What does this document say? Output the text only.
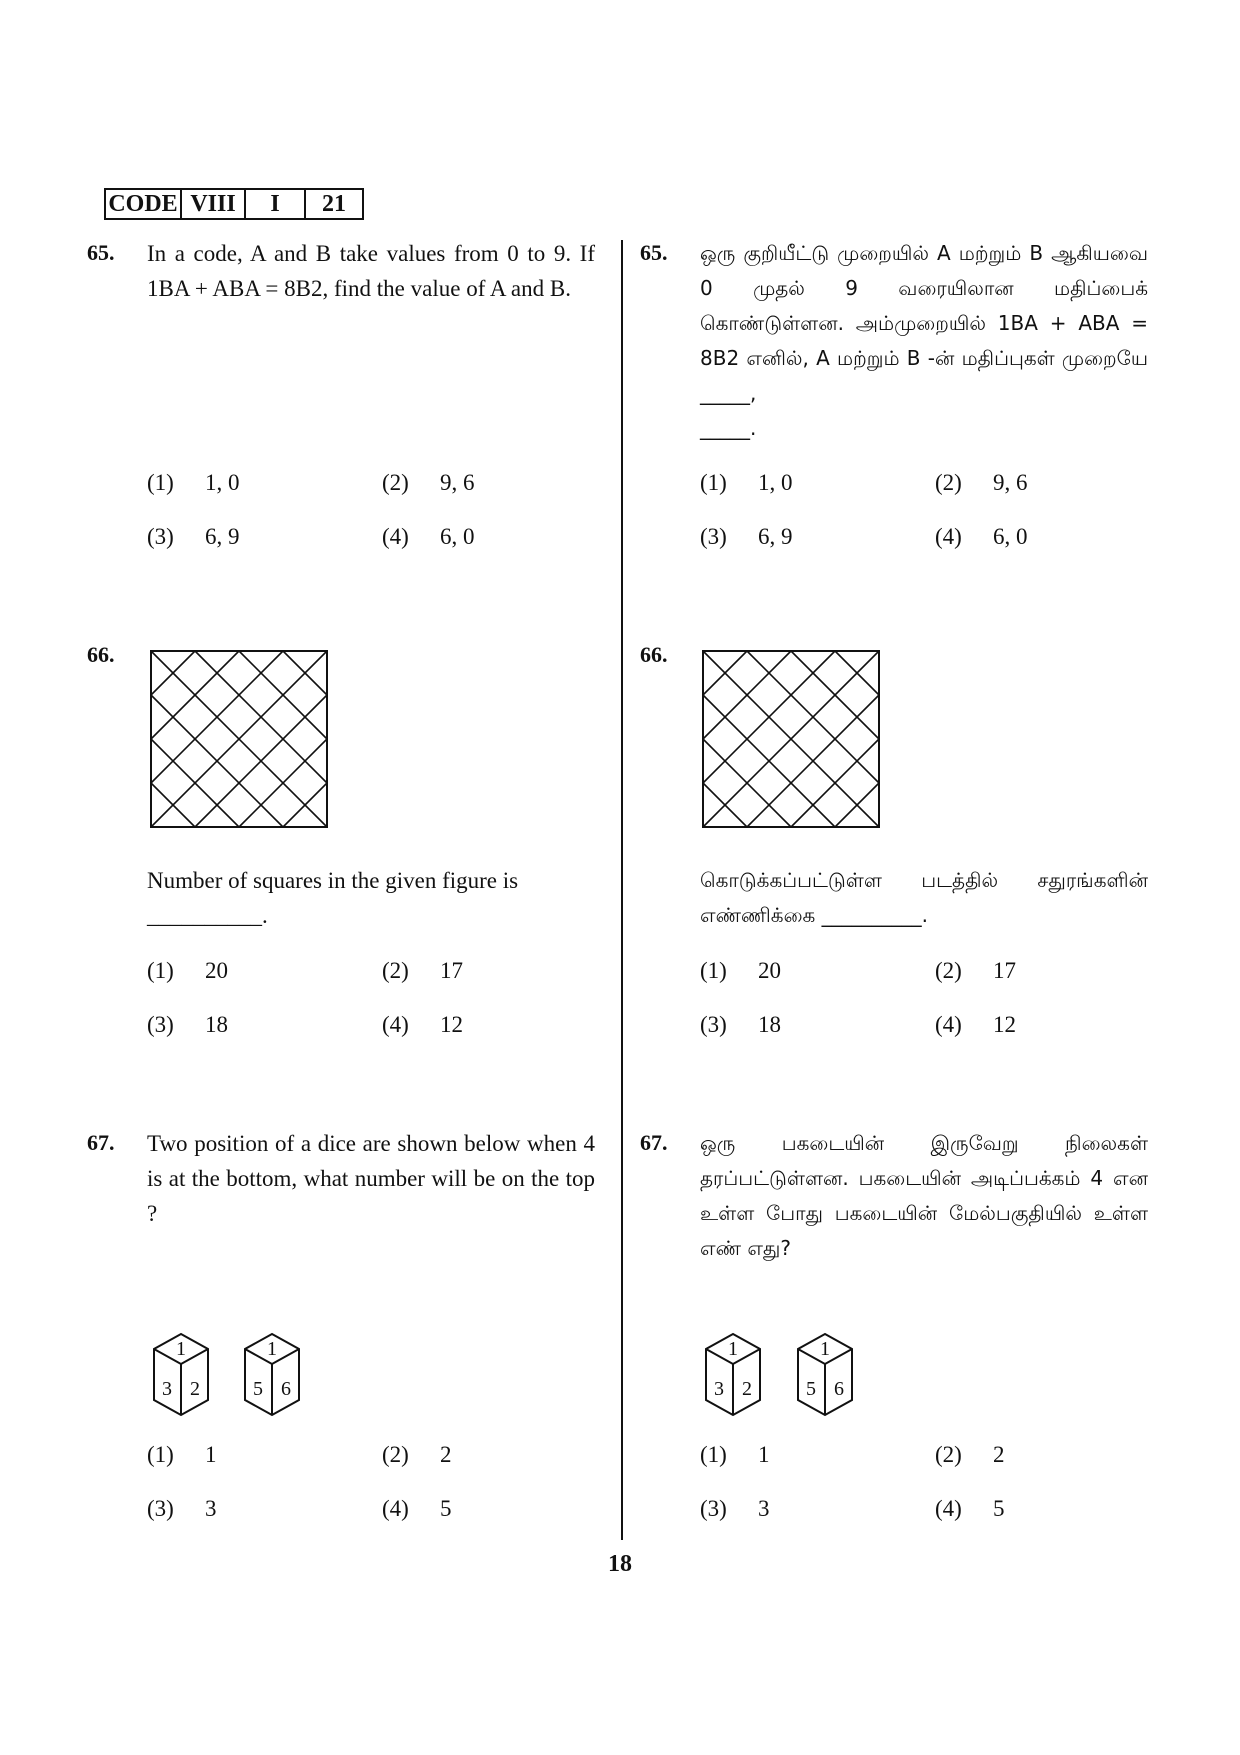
CODE VIII	I	21
65. In a code, A and B take values from 0 to 9. If 1BA + ABA = 8B2, find the value of A and B.
65. ஒரு குறியீட்டு முறையில் A மற்றும் B ஆகியவை 0 முதல் 9 வரையிலான மதிப்பைக் கொண்டுள்ளன. அம்முறையில் 1BA + ABA = 8B2 எனில், A மற்றும் B -ன் மதிப்புகள் முறையே _____,
_____.
(1)	1, 0	(2)	9, 6
(3)	6, 9	(4)	6, 0
(1)	1, 0	(2)	9, 6
(3)	6, 9	(4)	6, 0
66.	66.
Number of squares in the given figure is
__________.
கொடுக்கப்பட்டுள்ள படத்தில் சதுரங்களின் எண்ணிக்கை __________.
(1)	20	(2)	17
(3)	18	(4)	12
(1)	20	(2)	17
(3)	18	(4)	12
67. Two position of a dice are shown below when 4 is at the bottom, what number will be on the top ?
67. ஒரு பகடையின் இருவேறு நிலைகள் தரப்பட்டுள்ளன. பகடையின் அடிப்பக்கம் 4 என உள்ள போது பகடையின் மேல்பகுதியில் உள்ள எண் எது?
1
3 2
1
5 6
1
3 2
1
5 6
(1)	1	(2)	2
(3)	3	(4)	5
(1)	1	(2)	2
(3)	3	(4)	5
18
